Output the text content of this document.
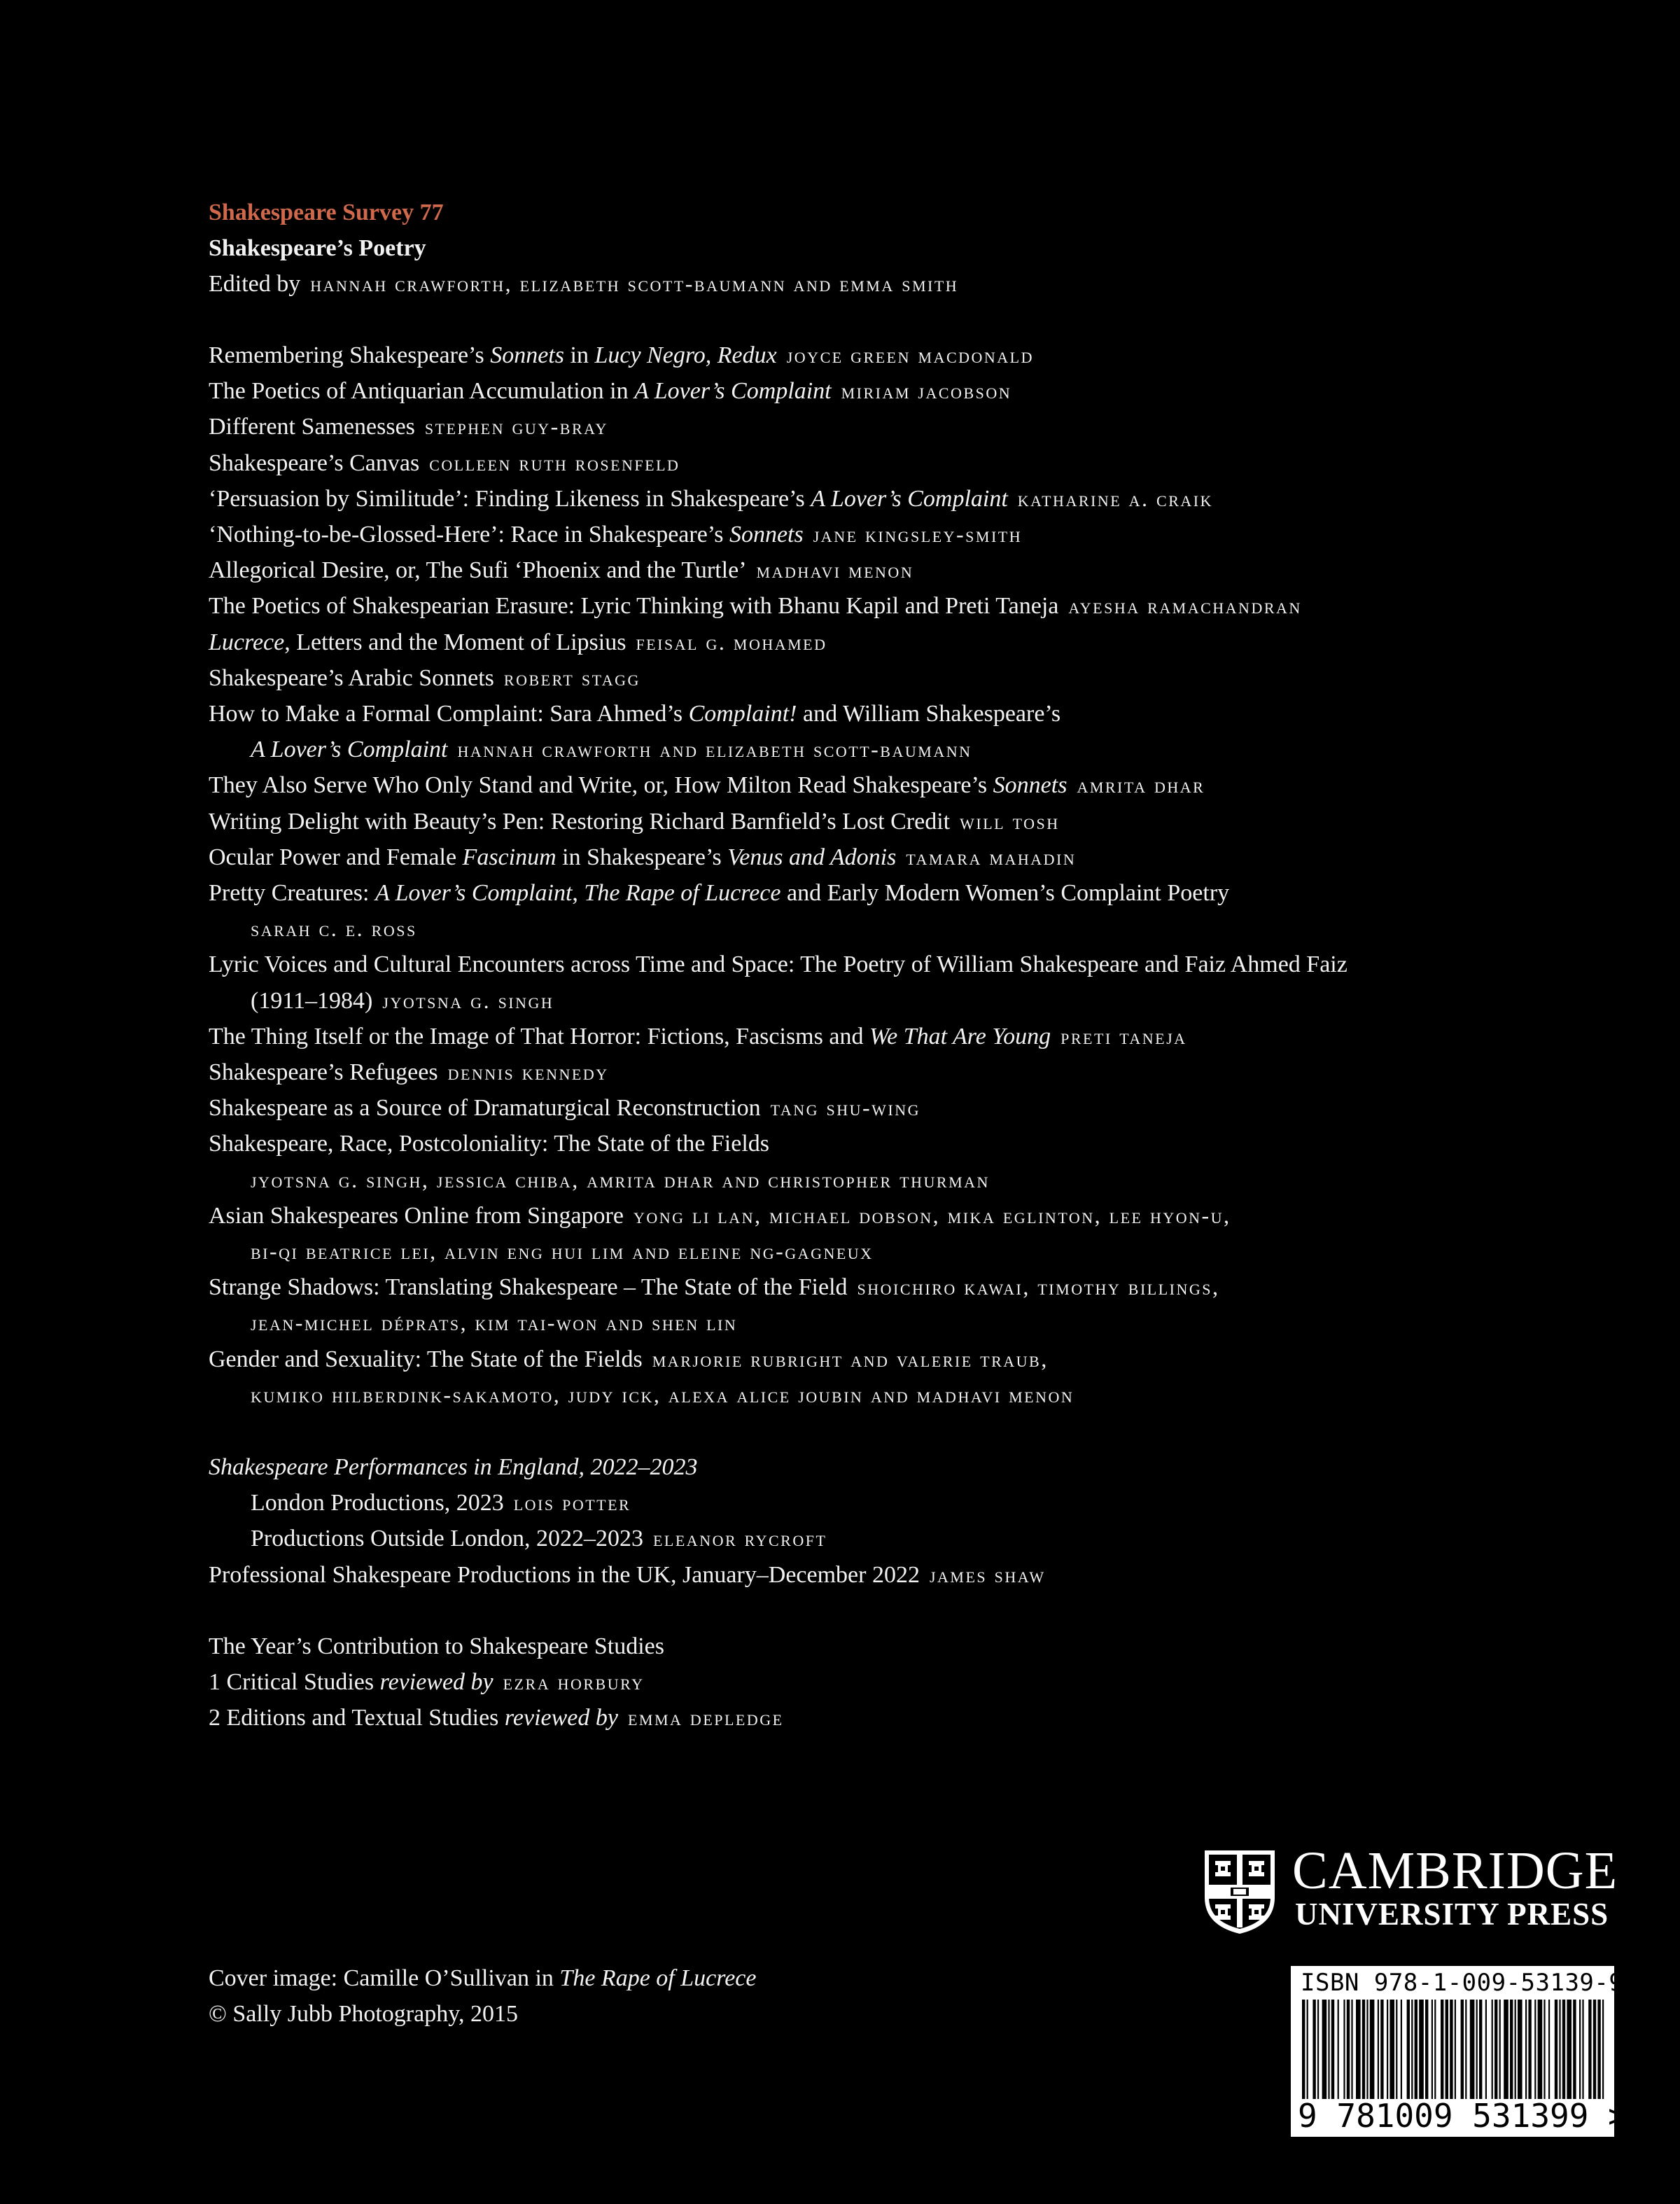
Shakespeare Survey 77
Shakespeare’s Poetry
Edited by hannah crawforth, elizabeth scott-baumann and emma smith
Remembering Shakespeare’s Sonnets in Lucy Negro, Redux joyce green macdonald
The Poetics of Antiquarian Accumulation in A Lover’s Complaint miriam jacobson
Different Samenesses stephen guy-bray
Shakespeare’s Canvas colleen ruth rosenfeld
‘Persuasion by Similitude’: Finding Likeness in Shakespeare’s A Lover’s Complaint katharine a. craik
‘Nothing-to-be-Glossed-Here’: Race in Shakespeare’s Sonnets jane kingsley-smith
Allegorical Desire, or, The Sufi ‘Phoenix and the Turtle’ madhavi menon
The Poetics of Shakespearian Erasure: Lyric Thinking with Bhanu Kapil and Preti Taneja ayesha ramachandran
Lucrece, Letters and the Moment of Lipsius feisal g. mohamed
Shakespeare’s Arabic Sonnets robert stagg
How to Make a Formal Complaint: Sara Ahmed’s Complaint! and William Shakespeare’s
A Lover’s Complaint hannah crawforth and elizabeth scott-baumann
They Also Serve Who Only Stand and Write, or, How Milton Read Shakespeare’s Sonnets amrita dhar
Writing Delight with Beauty’s Pen: Restoring Richard Barnfield’s Lost Credit will tosh
Ocular Power and Female Fascinum in Shakespeare’s Venus and Adonis tamara mahadin
Pretty Creatures: A Lover’s Complaint, The Rape of Lucrece and Early Modern Women’s Complaint Poetry
sarah c. e. ross
Lyric Voices and Cultural Encounters across Time and Space: The Poetry of William Shakespeare and Faiz Ahmed Faiz
(1911–1984) jyotsna g. singh
The Thing Itself or the Image of That Horror: Fictions, Fascisms and We That Are Young preti taneja
Shakespeare’s Refugees dennis kennedy
Shakespeare as a Source of Dramaturgical Reconstruction tang shu-wing
Shakespeare, Race, Postcoloniality: The State of the Fields
jyotsna g. singh, jessica chiba, amrita dhar and christopher thurman
Asian Shakespeares Online from Singapore yong li lan, michael dobson, mika eglinton, lee hyon-u,
bi-qi beatrice lei, alvin eng hui lim and eleine ng-gagneux
Strange Shadows: Translating Shakespeare – The State of the Field shoichiro kawai, timothy billings,
jean-michel déprats, kim tai-won and shen lin
Gender and Sexuality: The State of the Fields marjorie rubright and valerie traub,
kumiko hilberdink-sakamoto, judy ick, alexa alice joubin and madhavi menon
Shakespeare Performances in England, 2022–2023
London Productions, 2023 lois potter
Productions Outside London, 2022–2023 eleanor rycroft
Professional Shakespeare Productions in the UK, January–December 2022 james shaw
The Year’s Contribution to Shakespeare Studies
1 Critical Studies reviewed by ezra horbury
2 Editions and Textual Studies reviewed by emma depledge
Cover image: Camille O’Sullivan in The Rape of Lucrece
© Sally Jubb Photography, 2015
CAMBRIDGE
UNIVERSITY PRESS
ISBN 978-1-009-53139-9
9 781009 531399 >
